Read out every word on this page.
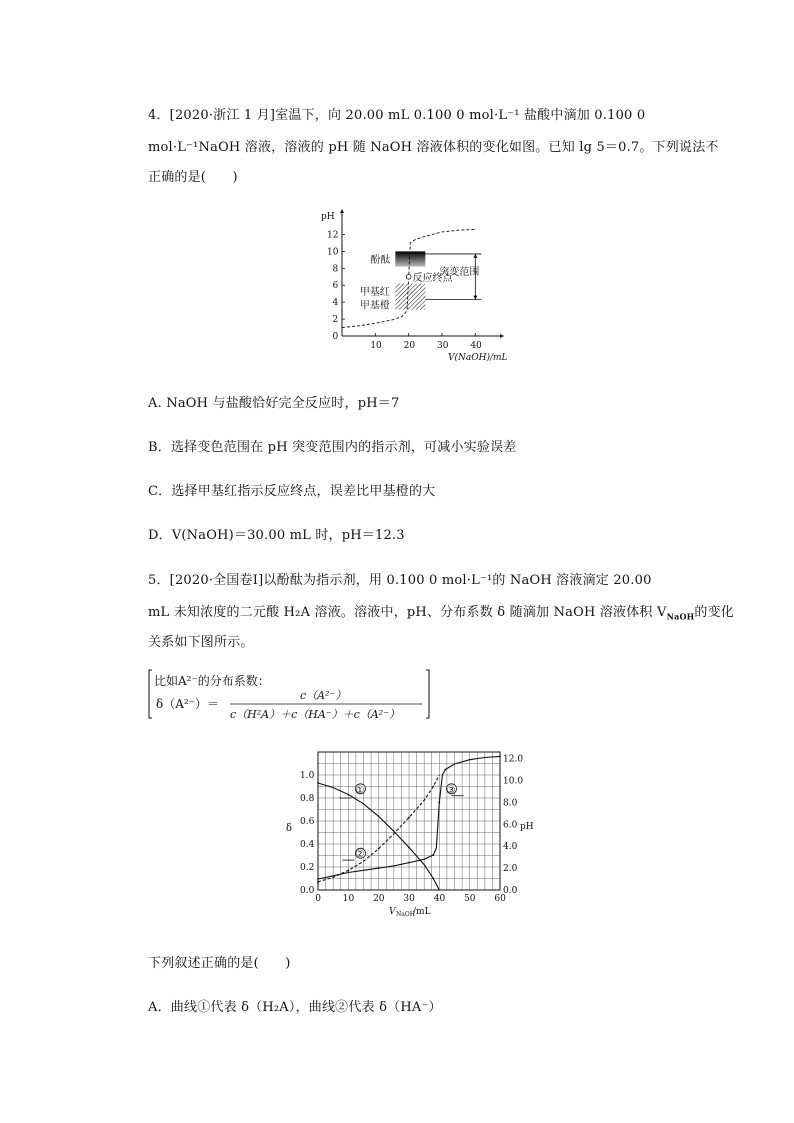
4．[2020·浙江 1 月]室温下，向 20.00 mL 0.100 0 mol·L⁻¹ 盐酸中滴加 0.100 0
mol·L⁻¹NaOH 溶液，溶液的 pH 随 NaOH 溶液体积的变化如图。已知 lg 5＝0.7。下列说法不
正确的是(　　)
pH
V(NaOH)/mL
10 20 30 40
0
2
4
6
8
10
12
酚酞
甲基红
甲基橙
突变范围
反应终点
A. NaOH 与盐酸恰好完全反应时，pH＝7
B．选择变色范围在 pH 突变范围内的指示剂，可减小实验误差
C．选择甲基红指示反应终点，误差比甲基橙的大
D．V(NaOH)＝30.00 mL 时，pH＝12.3
5．[2020·全国卷Ⅰ]以酚酞为指示剂，用 0.100 0 mol·L⁻¹的 NaOH 溶液滴定 20.00
mL 未知浓度的二元酸 H₂A 溶液。溶液中，pH、分布系数 δ 随滴加 NaOH 溶液体积 $V_{NaOH}$的变化
关系如下图所示。
比如A²⁻的分布系数：
δ（A²⁻）＝
c（A²⁻）
c（H²A）＋c（HA⁻）＋c（A²⁻）
0 10 20 30 40 50 60
0.0
0.2
0.4
0.6
0.8
1.0
0.0
2.0
4.0
6.0
8.0
10.0
12.0
δ	pH
V NaOH
/mL
①
②
③
下列叙述正确的是(　　)
A．曲线①代表 δ（H₂A），曲线②代表 δ（HA⁻）
